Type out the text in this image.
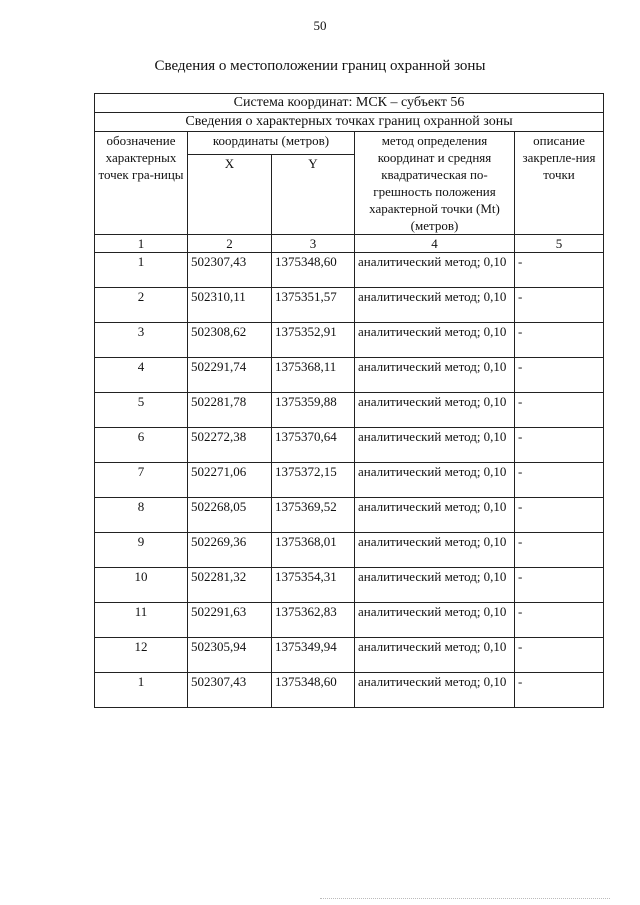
50
Сведения о местоположении границ охранной зоны
Система координат: МСК – субъект 56				
Сведения о характерных точках границ охранной зоны				
обозначение характерных точек гра-ницы	координаты (метров)		метод определения координат и средняя квадратическая по-грешность положения характерной точки (Mt) (метров)	описание закрепле-ния точки
	X	Y		
1	2	3	4	5
1	502307,43	1375348,60	аналитический метод; 0,10	-
2	502310,11	1375351,57	аналитический метод; 0,10	-
3	502308,62	1375352,91	аналитический метод; 0,10	-
4	502291,74	1375368,11	аналитический метод; 0,10	-
5	502281,78	1375359,88	аналитический метод; 0,10	-
6	502272,38	1375370,64	аналитический метод; 0,10	-
7	502271,06	1375372,15	аналитический метод; 0,10	-
8	502268,05	1375369,52	аналитический метод; 0,10	-
9	502269,36	1375368,01	аналитический метод; 0,10	-
10	502281,32	1375354,31	аналитический метод; 0,10	-
11	502291,63	1375362,83	аналитический метод; 0,10	-
12	502305,94	1375349,94	аналитический метод; 0,10	-
1	502307,43	1375348,60	аналитический метод; 0,10	-
